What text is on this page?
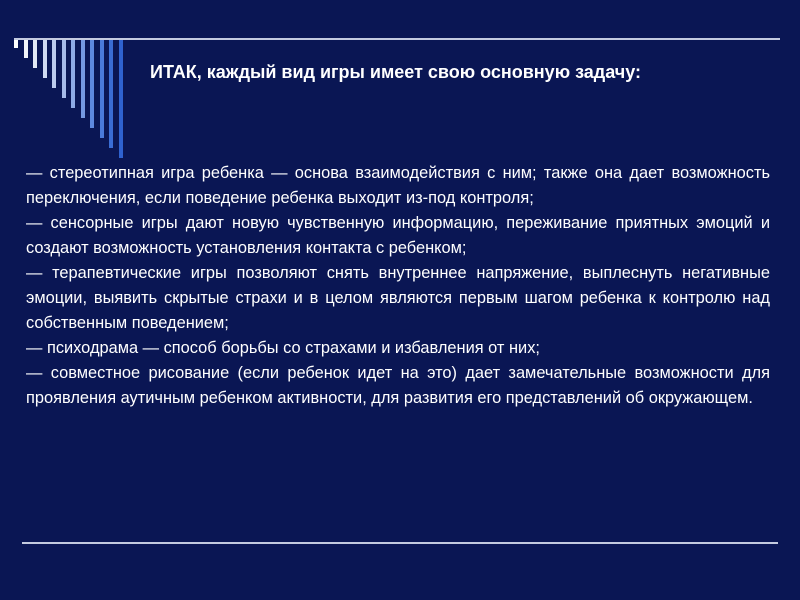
ИТАК, каждый вид игры имеет свою основную задачу:

— стереотипная игра ребенка — основа взаимодействия с ним; также она дает возможность переключения, если поведение ребенка выходит из-под контроля;

— сенсорные игры дают новую чувственную информацию, переживание приятных эмоций и создают возможность установления контакта с ребенком;

— терапевтические игры позволяют снять внутреннее напряжение, выплеснуть негативные эмоции, выявить скрытые страхи и в целом являются первым шагом ребенка к контролю над собственным поведением;

— психодрама — способ борьбы со страхами и избавления от них;

— совместное рисование (если ребенок идет на это) дает замечательные возможности для проявления аутичным ребенком активности, для развития его представлений об окружающем.
